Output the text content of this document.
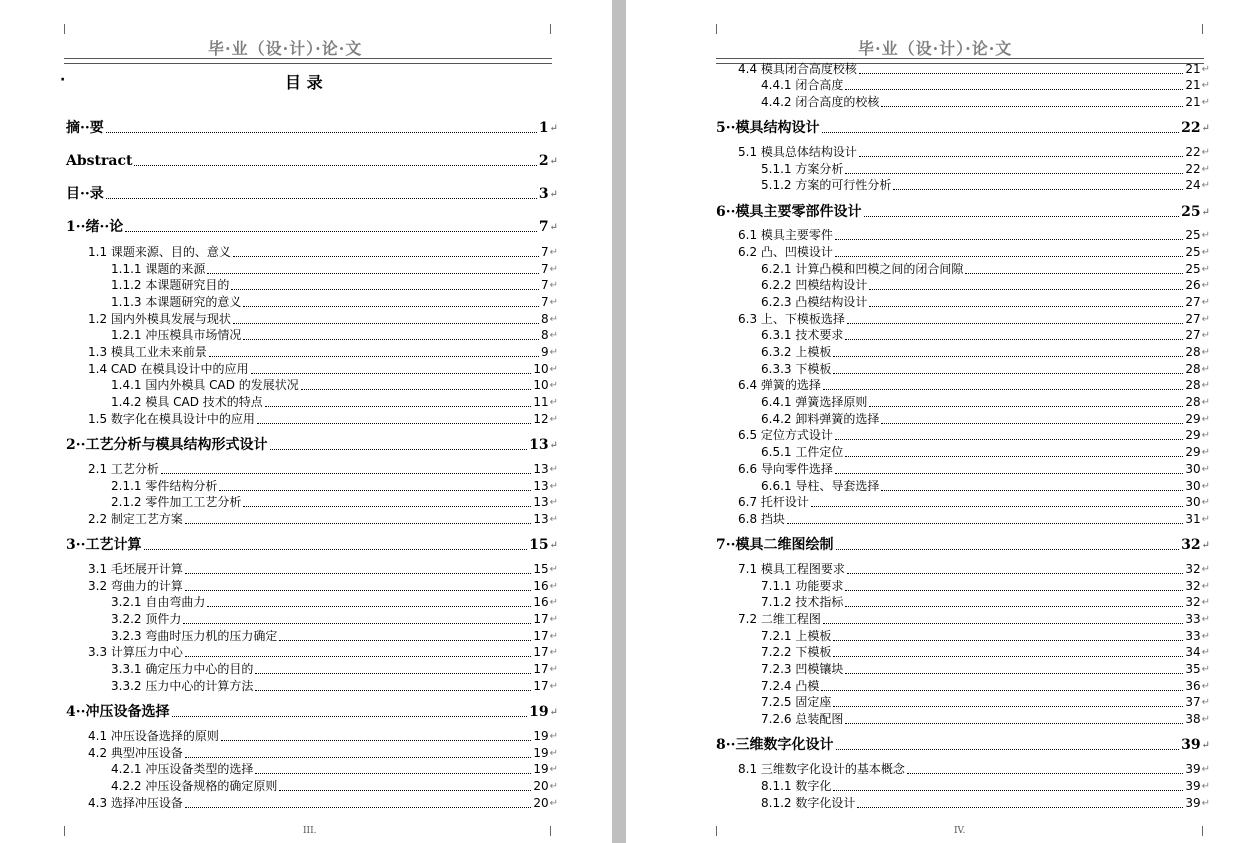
毕·业（设·计）·论·文
·	目 录
摘··要	1 ↵
Abstract	2 ↵
目··录	3 ↵
1··绪··论	7 ↵
1.1 课题来源、目的、意义	7 ↵
1.1.1 课题的来源	7 ↵
1.1.2 本课题研究目的	7 ↵
1.1.3 本课题研究的意义	7 ↵
1.2 国内外模具发展与现状	8 ↵
1.2.1 冲压模具市场情况	8 ↵
1.3 模具工业未来前景	9 ↵
1.4 CAD 在模具设计中的应用	10 ↵
1.4.1 国内外模具 CAD 的发展状况	10 ↵
1.4.2 模具 CAD 技术的特点	11 ↵
1.5 数字化在模具设计中的应用	12 ↵
2··工艺分析与模具结构形式设计	13 ↵
2.1 工艺分析	13 ↵
2.1.1 零件结构分析	13 ↵
2.1.2 零件加工工艺分析	13 ↵
2.2 制定工艺方案	13 ↵
3··工艺计算	15 ↵
3.1 毛坯展开计算	15 ↵
3.2 弯曲力的计算	16 ↵
3.2.1 自由弯曲力	16 ↵
3.2.2 顶件力	17 ↵
3.2.3 弯曲时压力机的压力确定	17 ↵
3.3 计算压力中心	17 ↵
3.3.1 确定压力中心的目的	17 ↵
3.3.2 压力中心的计算方法	17 ↵
4··冲压设备选择	19 ↵
4.1 冲压设备选择的原则	19 ↵
4.2 典型冲压设备	19 ↵
4.2.1 冲压设备类型的选择	19 ↵
4.2.2 冲压设备规格的确定原则	20 ↵
4.3 选择冲压设备	20 ↵
III.
毕·业（设·计）·论·文
4.4 模具闭合高度校核	21 ↵
4.4.1 闭合高度	21 ↵
4.4.2 闭合高度的校核	21 ↵
5··模具结构设计	22 ↵
5.1 模具总体结构设计	22 ↵
5.1.1 方案分析	22 ↵
5.1.2 方案的可行性分析	24 ↵
6··模具主要零部件设计	25 ↵
6.1 模具主要零件	25 ↵
6.2 凸、凹模设计	25 ↵
6.2.1 计算凸模和凹模之间的闭合间隙	25 ↵
6.2.2 凹模结构设计	26 ↵
6.2.3 凸模结构设计	27 ↵
6.3 上、下模板选择	27 ↵
6.3.1 技术要求	27 ↵
6.3.2 上模板	28 ↵
6.3.3 下模板	28 ↵
6.4 弹簧的选择	28 ↵
6.4.1 弹簧选择原则	28 ↵
6.4.2 卸料弹簧的选择	29 ↵
6.5 定位方式设计	29 ↵
6.5.1 工件定位	29 ↵
6.6 导向零件选择	30 ↵
6.6.1 导柱、导套选择	30 ↵
6.7 托杆设计	30 ↵
6.8 挡块	31 ↵
7··模具二维图绘制	32 ↵
7.1 模具工程图要求	32 ↵
7.1.1 功能要求	32 ↵
7.1.2 技术指标	32 ↵
7.2 二维工程图	33 ↵
7.2.1 上模板	33 ↵
7.2.2 下模板	34 ↵
7.2.3 凹模镶块	35 ↵
7.2.4 凸模	36 ↵
7.2.5 固定座	37 ↵
7.2.6 总装配图	38 ↵
8··三维数字化设计	39 ↵
8.1 三维数字化设计的基本概念	39 ↵
8.1.1 数字化	39 ↵
8.1.2 数字化设计	39 ↵
IV.
